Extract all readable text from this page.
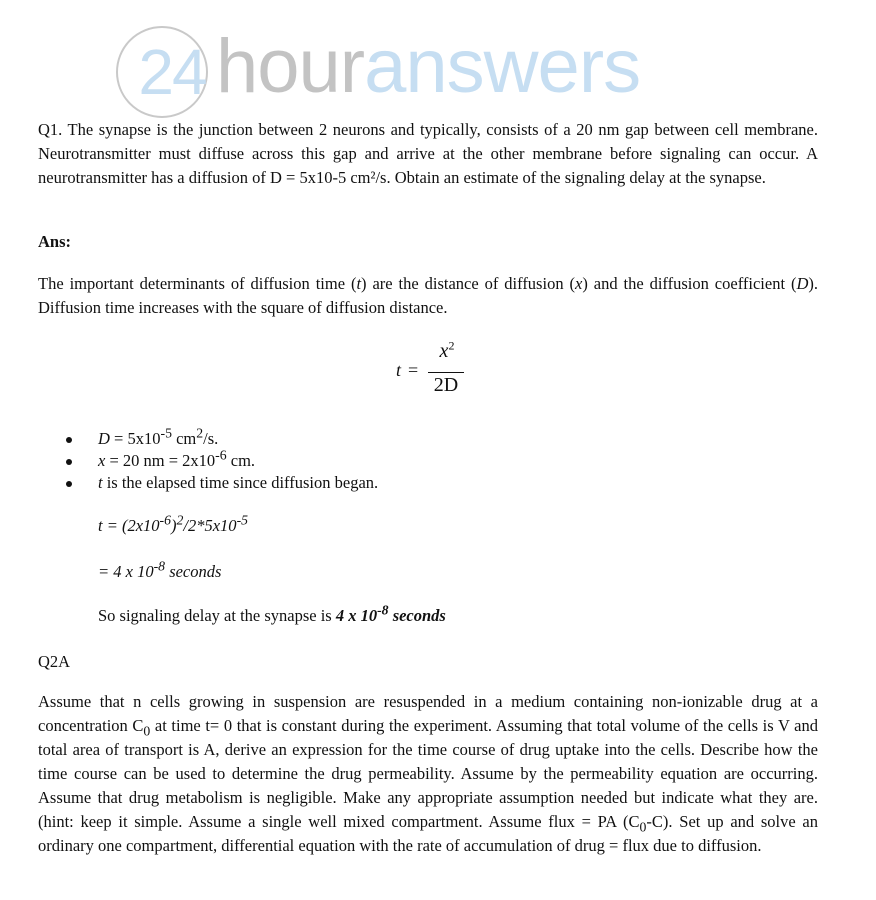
24 houranswers

Q1. The synapse is the junction between 2 neurons and typically, consists of a 20 nm gap between cell membrane. Neurotransmitter must diffuse across this gap and arrive at the other membrane before signaling can occur. A neurotransmitter has a diffusion of D = 5x10-5 cm²/s. Obtain an estimate of the signaling delay at the synapse.

Ans:

The important determinants of diffusion time (t) are the distance of diffusion (x) and the diffusion coefficient (D). Diffusion time increases with the square of diffusion distance.

t =
$x^2$
2D
$D = 5x10^{-5}$ $cm^2/s$.
x = 20 nm = $2x10^{-6}$ cm.
t is the elapsed time since diffusion began.

$t = (2x10^{-6})^2/2*5x10^{-5}$

= 4 x $10^{-8}$ seconds

So signaling delay at the synapse is 4 x $10^{-8}$ seconds

Q2A

Assume that n cells growing in suspension are resuspended in a medium containing non-ionizable drug at a concentration $C_0$ at time t= 0 that is constant during the experiment. Assuming that total volume of the cells is V and total area of transport is A, derive an expression for the time course of drug uptake into the cells. Describe how the time course can be used to determine the drug permeability. Assume by the permeability equation are occurring. Assume that drug metabolism is negligible. Make any appropriate assumption needed but indicate what they are. (hint: keep it simple. Assume a single well mixed compartment. Assume flux = PA $(C_0-C)$. Set up and solve an ordinary one compartment, differential equation with the rate of accumulation of drug = flux due to diffusion.
